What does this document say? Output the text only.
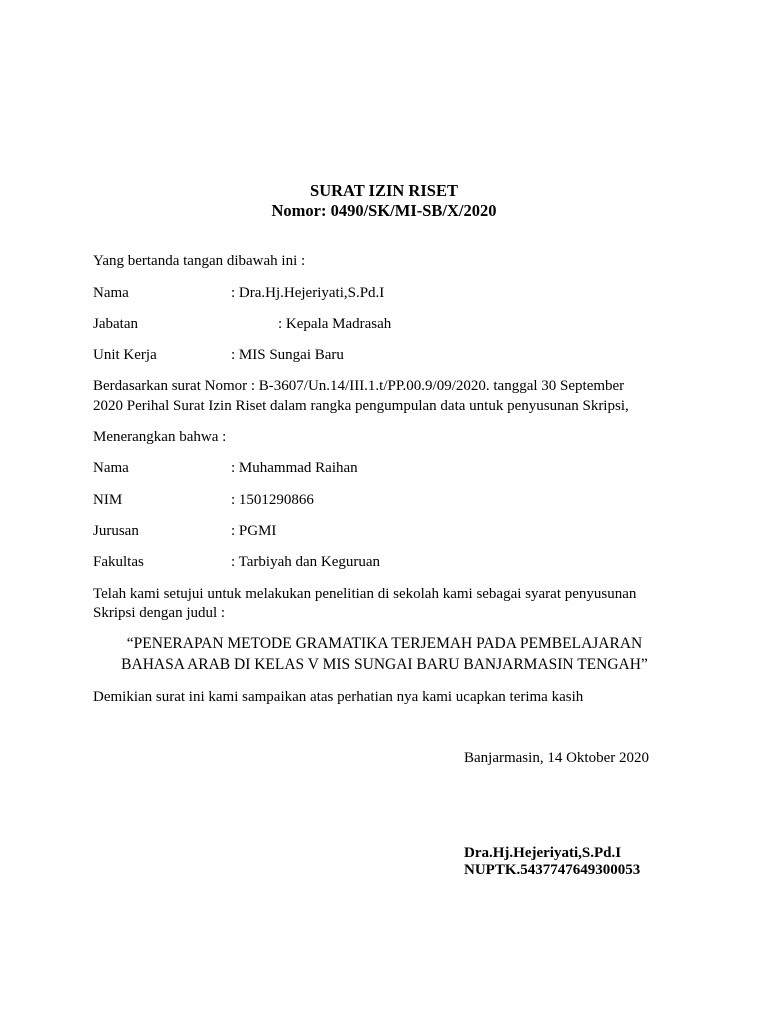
SURAT IZIN RISET
Nomor: 0490/SK/MI-SB/X/2020
Yang bertanda tangan dibawah ini :
Nama	: Dra.Hj.Hejeriyati,S.Pd.I
Jabatan	: Kepala Madrasah
Unit Kerja	: MIS Sungai Baru
Berdasarkan surat Nomor : B-3607/Un.14/III.1.t/PP.00.9/09/2020. tanggal 30 September
2020 Perihal Surat Izin Riset dalam rangka pengumpulan data untuk penyusunan Skripsi,
Menerangkan bahwa :
Nama	: Muhammad Raihan
NIM	: 1501290866
Jurusan	: PGMI
Fakultas	: Tarbiyah dan Keguruan
Telah kami setujui untuk melakukan penelitian di sekolah kami sebagai syarat penyusunan
Skripsi dengan judul :
“PENERAPAN METODE GRAMATIKA TERJEMAH PADA PEMBELAJARAN
BAHASA ARAB DI KELAS V MIS SUNGAI BARU BANJARMASIN TENGAH”
Demikian surat ini kami sampaikan atas perhatian nya kami ucapkan terima kasih
Banjarmasin, 14 Oktober 2020
Dra.Hj.Hejeriyati,S.Pd.I
NUPTK.5437747649300053
